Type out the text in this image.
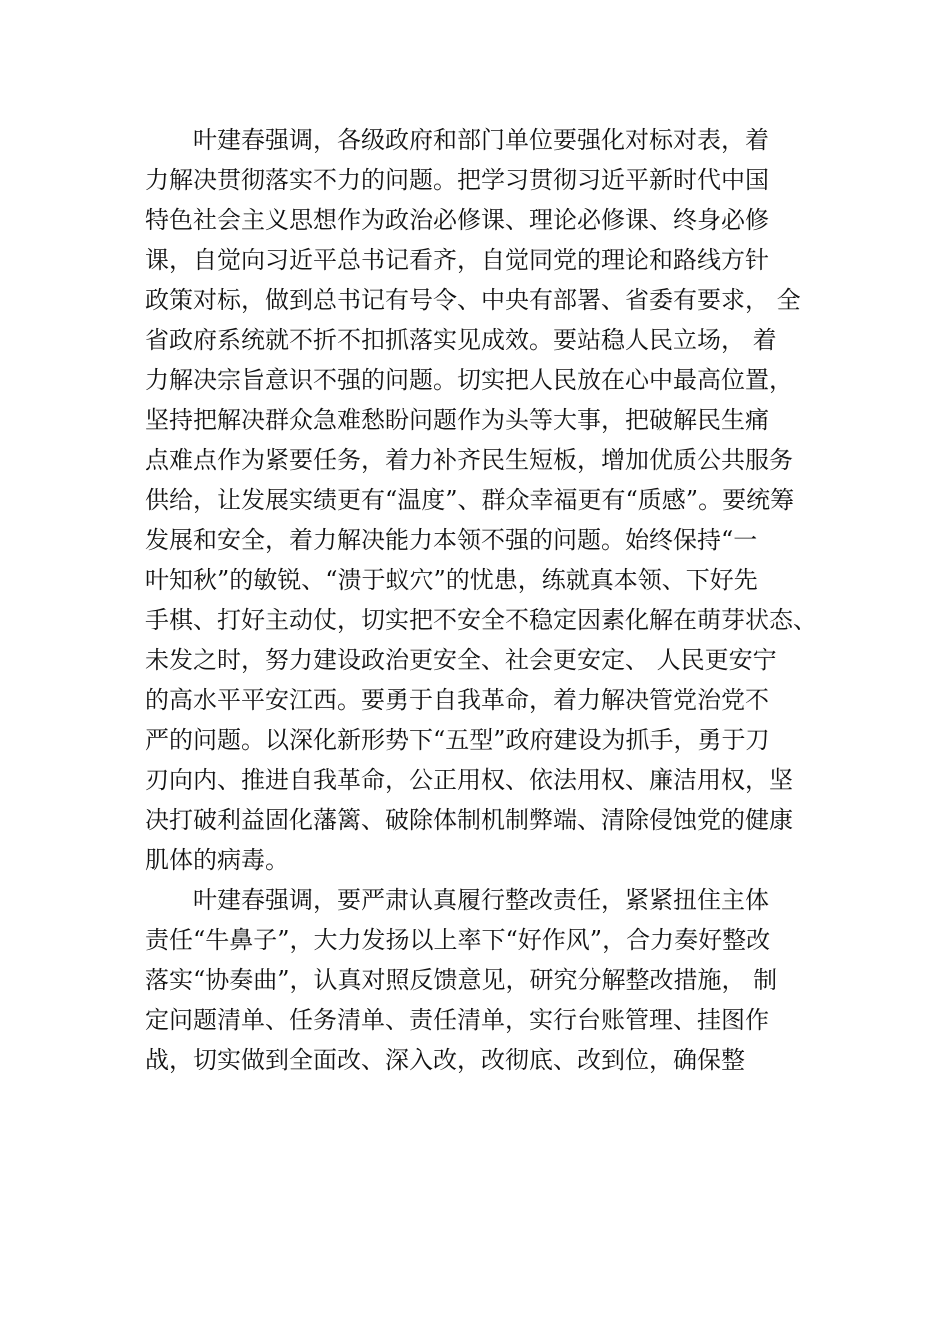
叶建春强调，各级政府和部门单位要强化对标对表，着
力解决贯彻落实不力的问题。把学习贯彻习近平新时代中国
特色社会主义思想作为政治必修课、理论必修课、终身必修
课，自觉向习近平总书记看齐，自觉同党的理论和路线方针
政策对标，做到总书记有号令、中央有部署、省委有要求， 全
省政府系统就不折不扣抓落实见成效。要站稳人民立场， 着
力解决宗旨意识不强的问题。切实把人民放在心中最高位置，
坚持把解决群众急难愁盼问题作为头等大事，把破解民生痛
点难点作为紧要任务，着力补齐民生短板，增加优质公共服务
供给，让发展实绩更有“温度”、群众幸福更有“质感”。要统筹
发展和安全，着力解决能力本领不强的问题。始终保持“一
叶知秋”的敏锐、“溃于蚁穴”的忧患，练就真本领、下好先
手棋、打好主动仗，切实把不安全不稳定因素化解在萌芽状态、
未发之时，努力建设政治更安全、社会更安定、 人民更安宁
的高水平平安江西。要勇于自我革命，着力解决管党治党不
严的问题。以深化新形势下“五型”政府建设为抓手，勇于刀
刃向内、推进自我革命，公正用权、依法用权、廉洁用权，坚
决打破利益固化藩篱、破除体制机制弊端、清除侵蚀党的健康
肌体的病毒。
叶建春强调，要严肃认真履行整改责任，紧紧扭住主体
责任“牛鼻子”，大力发扬以上率下“好作风”，合力奏好整改
落实“协奏曲”，认真对照反馈意见，研究分解整改措施， 制
定问题清单、任务清单、责任清单，实行台账管理、挂图作
战，切实做到全面改、深入改，改彻底、改到位，确保整
